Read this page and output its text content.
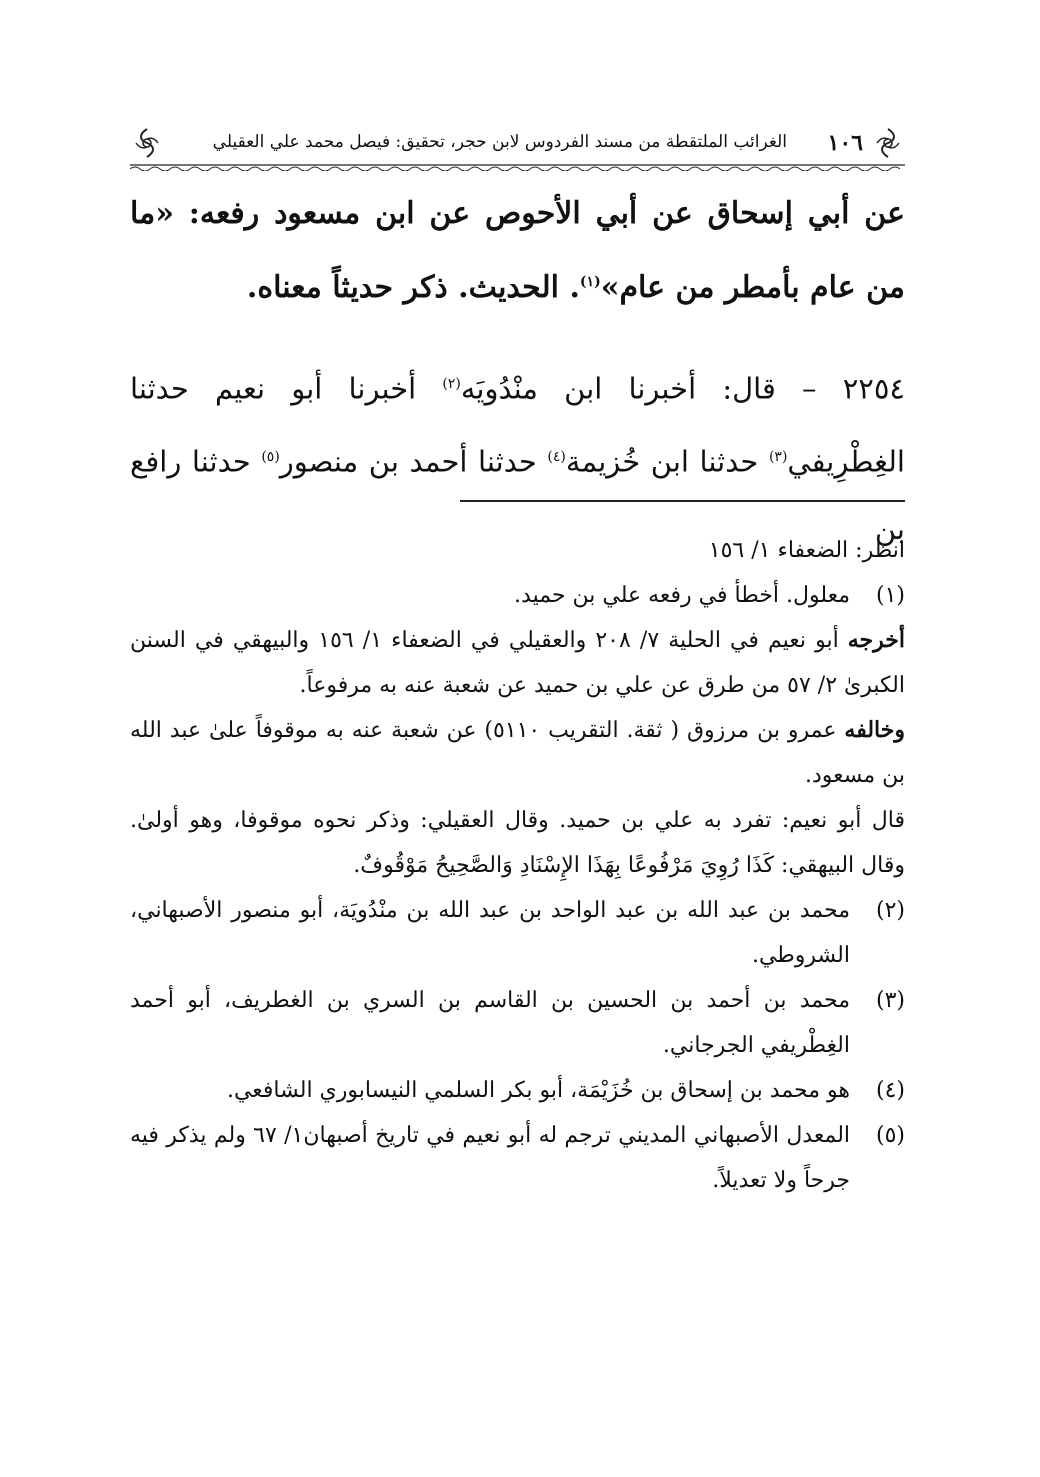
١٠٦
الغرائب الملتقطة من مسند الفردوس لابن حجر، تحقيق: فيصل محمد علي العقيلي

عن أبي إسحاق عن أبي الأحوص عن ابن مسعود رفعه: «ما من عام بأمطر من عام»$^{(١)}$. الحديث. ذكر حديثاً معناه.

٢٢٥٤ – قال: أخبرنا ابن منْدُويَه$^{(٢)}$ أخبرنا أبو نعيم حدثنا

الغِطْرِيفي$^{(٣)}$ حدثنا ابن خُزيمة$^{(٤)}$ حدثنا أحمد بن منصور$^{(٥)}$ حدثنا رافع بن

انظر: الضعفاء ١/ ١٥٦

(١)
معلول. أخطأ في رفعه علي بن حميد.

أخرجه أبو نعيم في الحلية ٧/ ٢٠٨ والعقيلي في الضعفاء ١/ ١٥٦ والبيهقي في السنن الكبرىٰ ٢/ ٥٧ من طرق عن علي بن حميد عن شعبة عنه به مرفوعاً.

وخالفه عمرو بن مرزوق ( ثقة. التقريب ٥١١٠) عن شعبة عنه به موقوفاً علىٰ عبد الله بن مسعود.

قال أبو نعيم: تفرد به علي بن حميد. وقال العقيلي: وذكر نحوه موقوفا، وهو أولىٰ. وقال البيهقي: كَذَا رُوِيَ مَرْفُوعًا بِهَذَا الإِسْنَادِ وَالصَّحِيحُ مَوْقُوفٌ.

(٢)
محمد بن عبد الله بن عبد الواحد بن عبد الله بن منْدُويَة، أبو منصور الأصبهاني، الشروطي.
(٣)
محمد بن أحمد بن الحسين بن القاسم بن السري بن الغطريف، أبو أحمد الغِطْريفي الجرجاني.
(٤)
هو محمد بن إسحاق بن خُزَيْمَة، أبو بكر السلمي النيسابوري الشافعي.
(٥)
المعدل الأصبهاني المديني ترجم له أبو نعيم في تاريخ أصبهان١/ ٦٧ ولم يذكر فيه جرحاً ولا تعديلاً.
